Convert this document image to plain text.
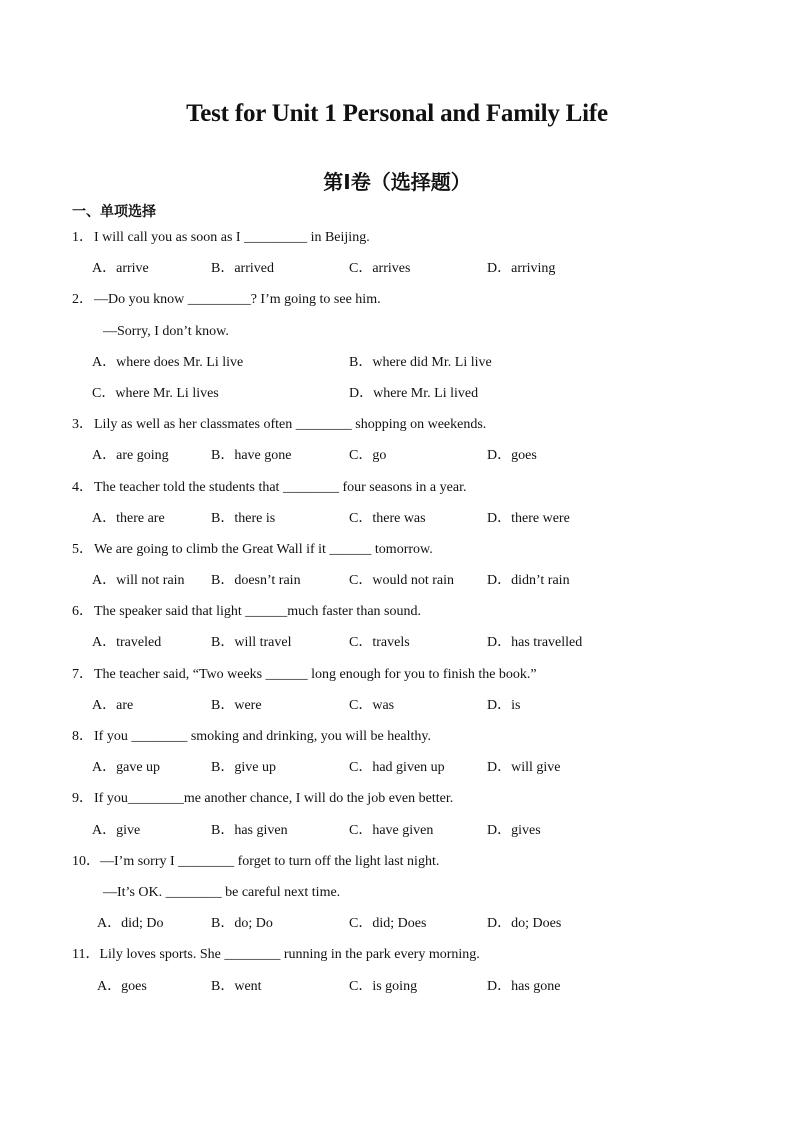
Test for Unit 1 Personal and Family Life
第Ⅰ卷（选择题）
一、单项选择
1．I will call you as soon as I _________ in Beijing.
A．arrive	B．arrived	C．arrives	D．arriving
2．—Do you know _________? I’m going to see him.
—Sorry, I don’t know.
A．where does Mr. Li live	B．where did Mr. Li live
C．where Mr. Li lives	D．where Mr. Li lived
3．Lily as well as her classmates often ________ shopping on weekends.
A．are going	B．have gone	C．go	D．goes
4．The teacher told the students that ________ four seasons in a year.
A．there are	B．there is	C．there was	D．there were
5．We are going to climb the Great Wall if it ______ tomorrow.
A．will not rain B．doesn’t rain	C．would not rain D．didn’t rain
6．The speaker said that light ______much faster than sound.
A．traveled	B．will travel	C．travels	D．has travelled
7．The teacher said, “Two weeks ______ long enough for you to finish the book.”
A．are	B．were	C．was	D．is
8．If you ________ smoking and drinking, you will be healthy.
A．gave up	B．give up	C．had given up	D．will give
9．If you________me another chance, I will do the job even better.
A．give	B．has given	C．have given	D．gives
10．—I’m sorry I ________ forget to turn off the light last night.
—It’s OK. ________ be careful next time.
A．did; Do	B．do; Do	C．did; Does	D．do; Does
11．Lily loves sports. She ________ running in the park every morning.
A．goes	B．went	C．is going	D．has gone
